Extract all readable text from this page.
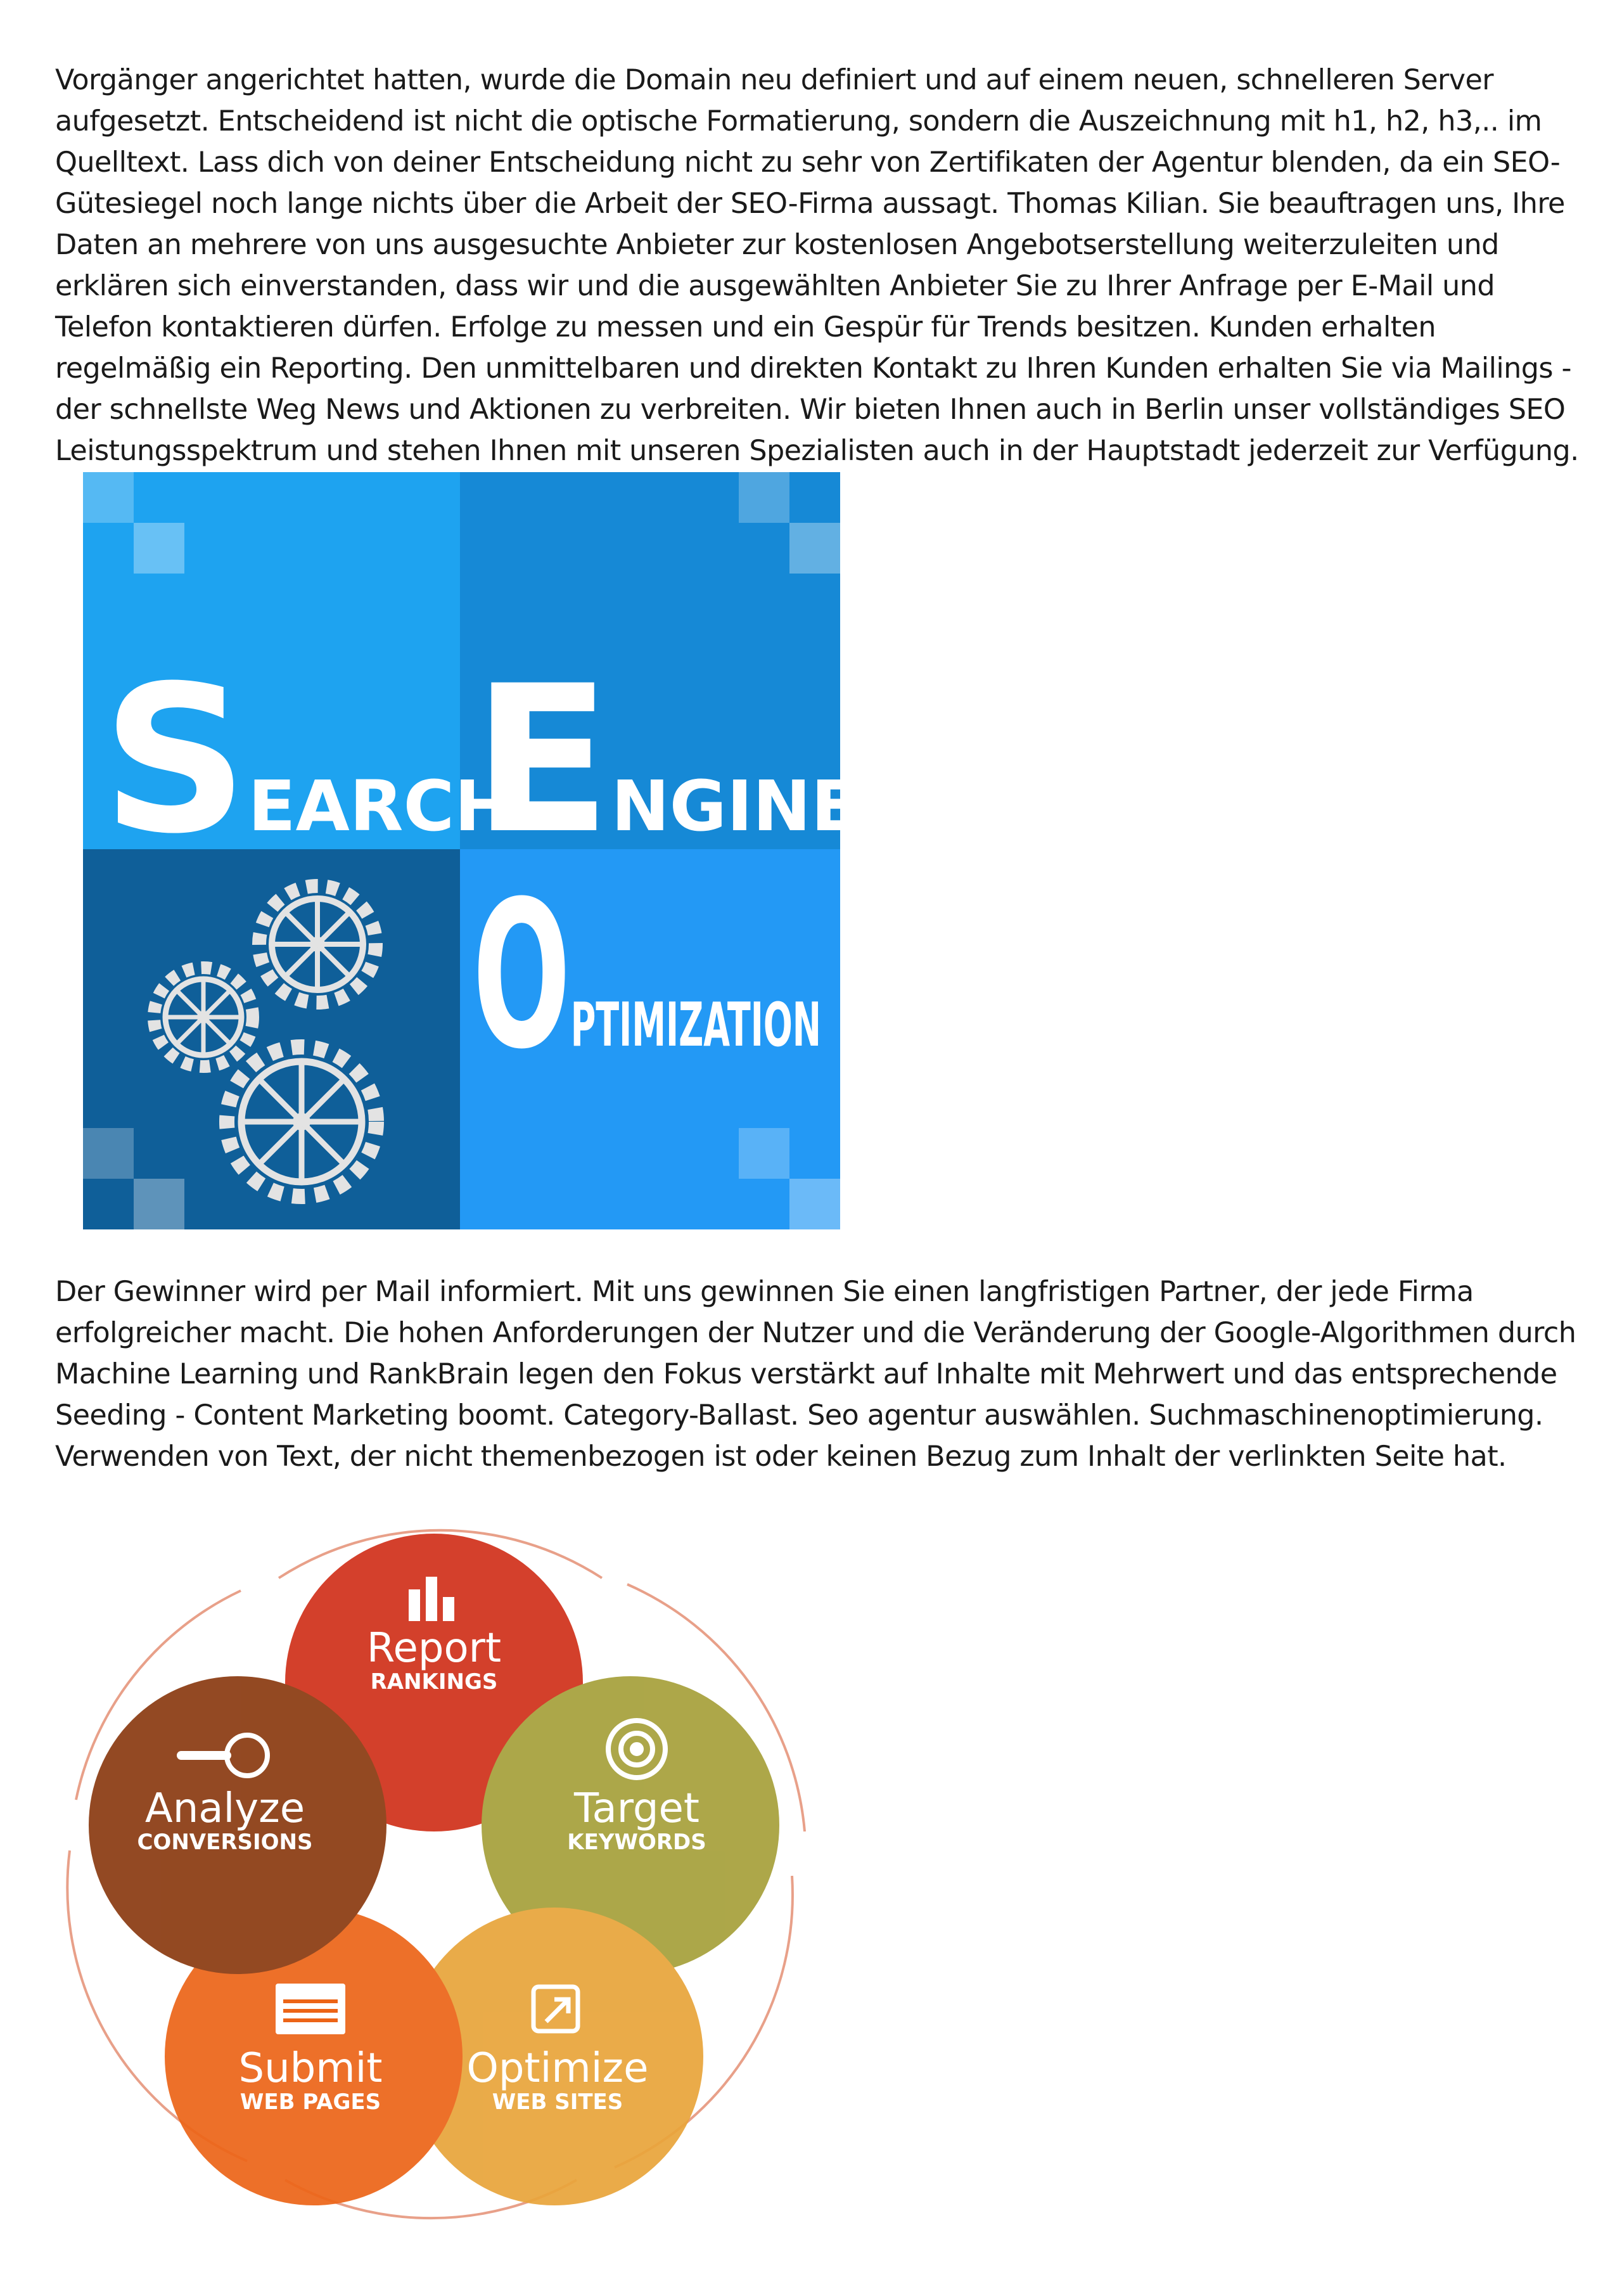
Vorgänger angerichtet hatten, wurde die Domain neu definiert und auf einem neuen, schnelleren Server aufgesetzt. Entscheidend ist nicht die optische Formatierung, sondern die Auszeichnung mit h1, h2, h3,.. im Quelltext. Lass dich von deiner Entscheidung nicht zu sehr von Zertifikaten der Agentur blenden, da ein SEO-Gütesiegel noch lange nichts über die Arbeit der SEO-Firma aussagt. Thomas Kilian. Sie beauftragen uns, Ihre Daten an mehrere von uns ausgesuchte Anbieter zur kostenlosen Angebotserstellung weiterzuleiten und erklären sich einverstanden, dass wir und die ausgewählten Anbieter Sie zu Ihrer Anfrage per E-Mail und Telefon kontaktieren dürfen. Erfolge zu messen und ein Gespür für Trends besitzen. Kunden erhalten regelmäßig ein Reporting. Den unmittelbaren und direkten Kontakt zu Ihren Kunden erhalten Sie via Mailings - der schnellste Weg News und Aktionen zu verbreiten. Wir bieten Ihnen auch in Berlin unser vollständiges SEO Leistungsspektrum und stehen Ihnen mit unseren Spezialisten auch in der Hauptstadt jederzeit zur Verfügung.

SEARCH
ENGINE
OPTIMIZATION

Der Gewinner wird per Mail informiert. Mit uns gewinnen Sie einen langfristigen Partner, der jede Firma erfolgreicher macht. Die hohen Anforderungen der Nutzer und die Veränderung der Google-Algorithmen durch Machine Learning und RankBrain legen den Fokus verstärkt auf Inhalte mit Mehrwert und das entsprechende Seeding - Content Marketing boomt. Category-Ballast. Seo agentur auswählen. Suchmaschinenoptimierung. Verwenden von Text, der nicht themenbezogen ist oder keinen Bezug zum Inhalt der verlinkten Seite hat.

Report
RANKINGS
Target
KEYWORDS
Optimize
WEB SITES
Submit
WEB PAGES
Analyze
CONVERSIONS
